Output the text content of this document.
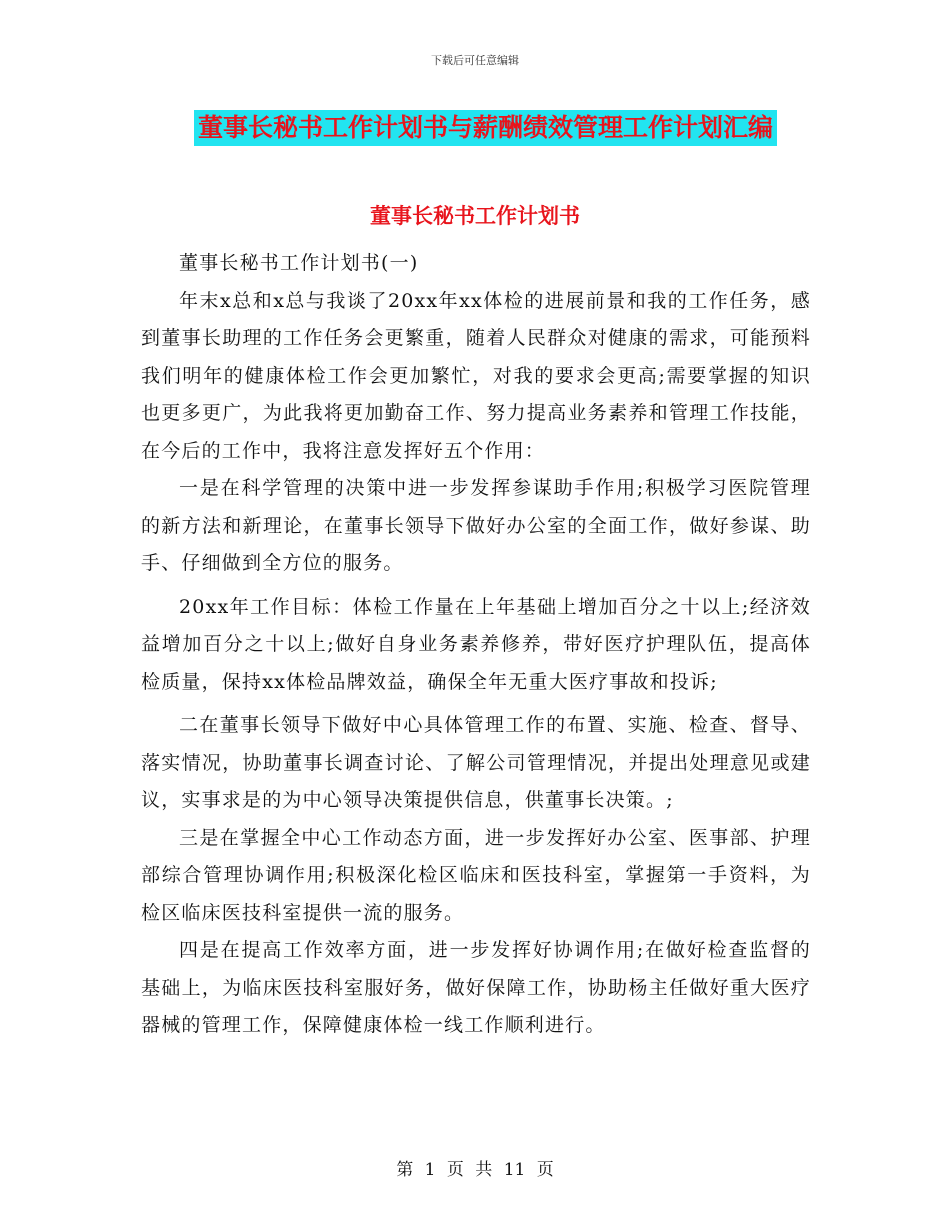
下载后可任意编辑
董事长秘书工作计划书与薪酬绩效管理工作计划汇编
董事长秘书工作计划书

董事长秘书工作计划书(一)

年末x总和x总与我谈了20xx年xx体检的进展前景和我的工作任务，感到董事长助理的工作任务会更繁重，随着人民群众对健康的需求，可能预料我们明年的健康体检工作会更加繁忙，对我的要求会更高;需要掌握的知识也更多更广，为此我将更加勤奋工作、努力提高业务素养和管理工作技能，在今后的工作中，我将注意发挥好五个作用：

一是在科学管理的决策中进一步发挥参谋助手作用;积极学习医院管理的新方法和新理论，在董事长领导下做好办公室的全面工作，做好参谋、助手、仔细做到全方位的服务。

20xx年工作目标：体检工作量在上年基础上增加百分之十以上;经济效益增加百分之十以上;做好自身业务素养修养，带好医疗护理队伍，提高体检质量，保持xx体检品牌效益，确保全年无重大医疗事故和投诉;

二在董事长领导下做好中心具体管理工作的布置、实施、检查、督导、落实情况，协助董事长调查讨论、了解公司管理情况，并提出处理意见或建议，实事求是的为中心领导决策提供信息，供董事长决策。;

三是在掌握全中心工作动态方面，进一步发挥好办公室、医事部、护理部综合管理协调作用;积极深化检区临床和医技科室，掌握第一手资料，为检区临床医技科室提供一流的服务。

四是在提高工作效率方面，进一步发挥好协调作用;在做好检查监督的基础上，为临床医技科室服好务，做好保障工作，协助杨主任做好重大医疗器械的管理工作，保障健康体检一线工作顺利进行。

第 1 页 共 11 页
